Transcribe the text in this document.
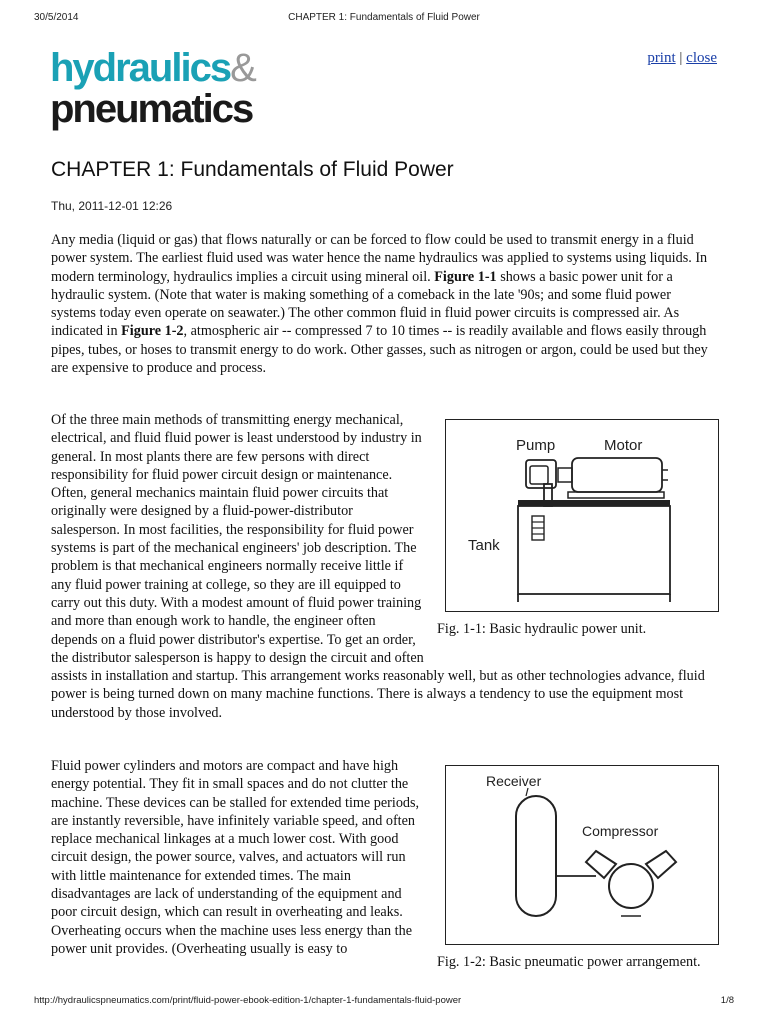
30/5/2014	CHAPTER 1: Fundamentals of Fluid Power
hydraulics&
pneumatics
print | close
CHAPTER 1: Fundamentals of Fluid Power
Thu, 2011-12-01 12:26

Any media (liquid or gas) that flows naturally or can be forced to flow could be used to transmit energy in a fluid power system. The earliest fluid used was water hence the name hydraulics was applied to systems using liquids. In modern terminology, hydraulics implies a circuit using mineral oil. Figure 1-1 shows a basic power unit for a hydraulic system. (Note that water is making something of a comeback in the late '90s; and some fluid power systems today even operate on seawater.) The other common fluid in fluid power circuits is compressed air. As indicated in Figure 1-2, atmospheric air -- compressed 7 to 10 times -- is readily available and flows easily through pipes, tubes, or hoses to transmit energy to do work. Other gasses, such as nitrogen or argon, could be used but they are expensive to produce and process.

Pump	Motor
Tank
Fig. 1-1: Basic hydraulic power unit.
Of the three main methods of transmitting energy mechanical, electrical, and fluid fluid power is least understood by industry in general. In most plants there are few persons with direct responsibility for fluid power circuit design or maintenance. Often, general mechanics maintain fluid power circuits that originally were designed by a fluid-power-distributor salesperson. In most facilities, the responsibility for fluid power systems is part of the mechanical engineers' job description. The problem is that mechanical engineers normally receive little if any fluid power training at college, so they are ill equipped to carry out this duty. With a modest amount of fluid power training and more than enough work to handle, the engineer often depends on a fluid power distributor's expertise. To get an order, the distributor salesperson is happy to design the circuit and often assists in installation and startup. This arrangement works reasonably well, but as other technologies advance, fluid power is being turned down on many machine functions. There is always a tendency to use the equipment most understood by those involved.
Receiver
Compressor
Fig. 1-2: Basic pneumatic power arrangement.
Fluid power cylinders and motors are compact and have high energy potential. They fit in small spaces and do not clutter the machine. These devices can be stalled for extended time periods, are instantly reversible, have infinitely variable speed, and often replace mechanical linkages at a much lower cost. With good circuit design, the power source, valves, and actuators will run with little maintenance for extended times. The main disadvantages are lack of understanding of the equipment and poor circuit design, which can result in overheating and leaks. Overheating occurs when the machine uses less energy than the power unit provides. (Overheating usually is easy to
http://hydraulicspneumatics.com/print/fluid-power-ebook-edition-1/chapter-1-fundamentals-fluid-power	1/8
